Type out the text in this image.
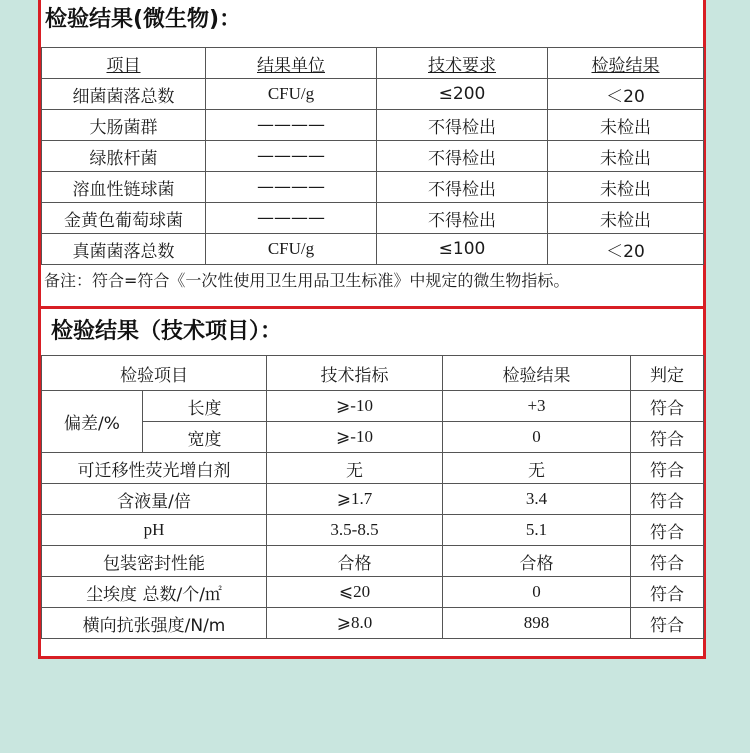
检验结果(微生物)：
项目	结果单位	技术要求	检验结果
细菌菌落总数	CFU/g	≤200	＜20
大肠菌群	————	不得检出	未检出
绿脓杆菌	————	不得检出	未检出
溶血性链球菌	————	不得检出	未检出
金黄色葡萄球菌	————	不得检出	未检出
真菌菌落总数	CFU/g	≤100	＜20
备注：符合=符合《一次性使用卫生用品卫生标准》中规定的微生物指标。
检验结果（技术项目）：
检验项目		技术指标	检验结果	判定
偏差/%	长度	⩾-10	+3	符合
	宽度	⩾-10	0	符合
可迁移性荧光增白剂		无	无	符合
含液量/倍		⩾1.7	3.4	符合
pH		3.5-8.5	5.1	符合
包装密封性能		合格	合格	符合
尘埃度 总数/个/㎡		⩽20	0	符合
横向抗张强度/N/m		⩾8.0	898	符合
